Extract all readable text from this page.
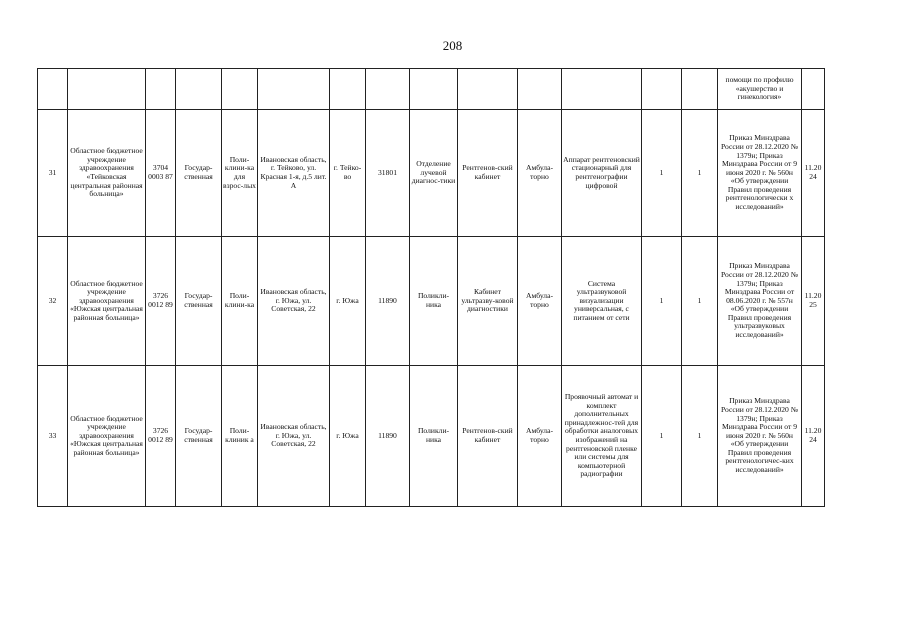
208
														помощи по профилю «акушерство и гинекология»	
31	Областное бюджетное учреждение здравоохранения «Тейковская центральная районная больница»	3704 0003 87	Государ-ственная	Поли-клини-ка для взрос-лых	Ивановская область, г. Тейково, ул. Красная 1-я, д.5 лит. А	г. Тейко-во	31801	Отделение лучевой диагнос-тики	Рентгенов-ский кабинет	Амбула-торно	Аппарат рентгеновский стационарный для рентгенографии цифровой	1	1	Приказ Минздрава России от 28.12.2020 № 1379н; Приказ Минздрава России от 9 июня 2020 г. № 560н «Об утверждении Правил проведения рентгенологически х исследований»	11.2024
32	Областное бюджетное учреждение здравоохранения «Южская центральная районная больница»	3726 0012 89	Государ-ственная	Поли-клини-ка	Ивановская область, г. Южа, ул. Советская, 22	г. Южа	11890	Поликли-ника	Кабинет ультразву-ковой диагностики	Амбула-торно	Система ультразвуковой визуализации универсальная, с питанием от сети	1	1	Приказ Минздрава России от 28.12.2020 № 1379н; Приказ Минздрава России от 08.06.2020 г. № 557н «Об утверждении Правил проведения ультразвуковых исследований»	11.2025
33	Областное бюджетное учреждение здравоохранения «Южская центральная районная больница»	3726 0012 89	Государ-ственная	Поли-клиник а	Ивановская область, г. Южа, ул. Советская, 22	г. Южа	11890	Поликли-ника	Рентгенов-ский кабинет	Амбула-торно	Проявочный автомат и комплект дополнительных принадлежнос-тей для обработки аналоговых изображений на рентгеновской пленке или системы для компьютерной радиографии	1	1	Приказ Минздрава России от 28.12.2020 № 1379н; Приказ Минздрава России от 9 июня 2020 г. № 560н «Об утверждении Правил проведения рентгенологичес-ких исследований»	11.2024
